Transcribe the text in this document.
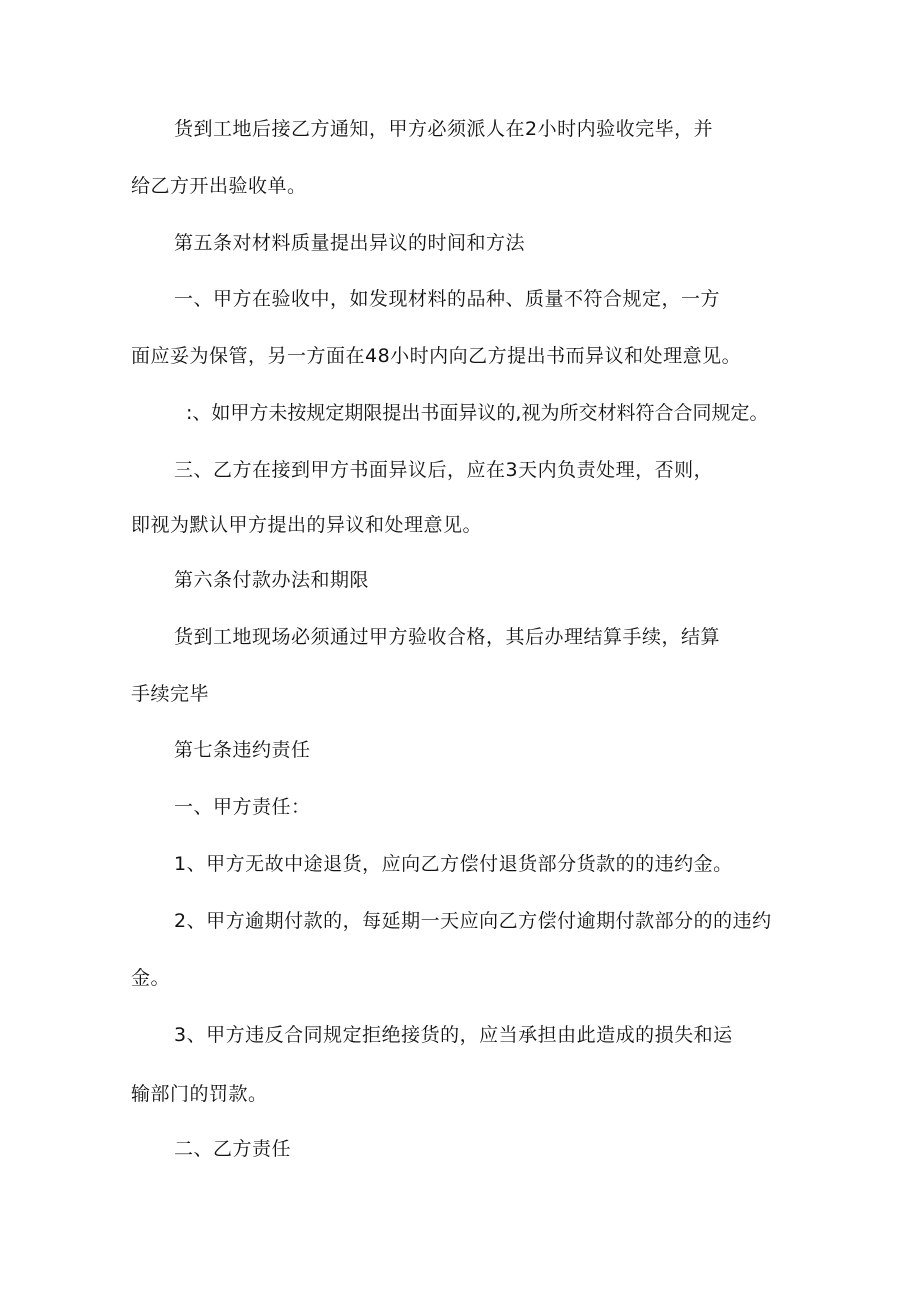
货到工地后接乙方通知，甲方必须派人在2小时内验收完毕，并
给乙方开出验收单。
第五条对材料质量提出异议的时间和方法
一、甲方在验收中，如发现材料的品种、质量不符合规定，一方
面应妥为保管，另一方面在48小时内向乙方提出书而异议和处理意见。
:、如甲方未按规定期限提出书面异议的,视为所交材料符合合同规定。
三、乙方在接到甲方书面异议后，应在3天内负责处理，否则，
即视为默认甲方提出的异议和处理意见。
第六条付款办法和期限
货到工地现场必须通过甲方验收合格，其后办理结算手续，结算
手续完毕
第七条违约责任
一、甲方责任：
1、甲方无故中途退货，应向乙方偿付退货部分货款的的违约金。
2、甲方逾期付款的，每延期一天应向乙方偿付逾期付款部分的的违约
金。
3、甲方违反合同规定拒绝接货的，应当承担由此造成的损失和运
输部门的罚款。
二、乙方责任
